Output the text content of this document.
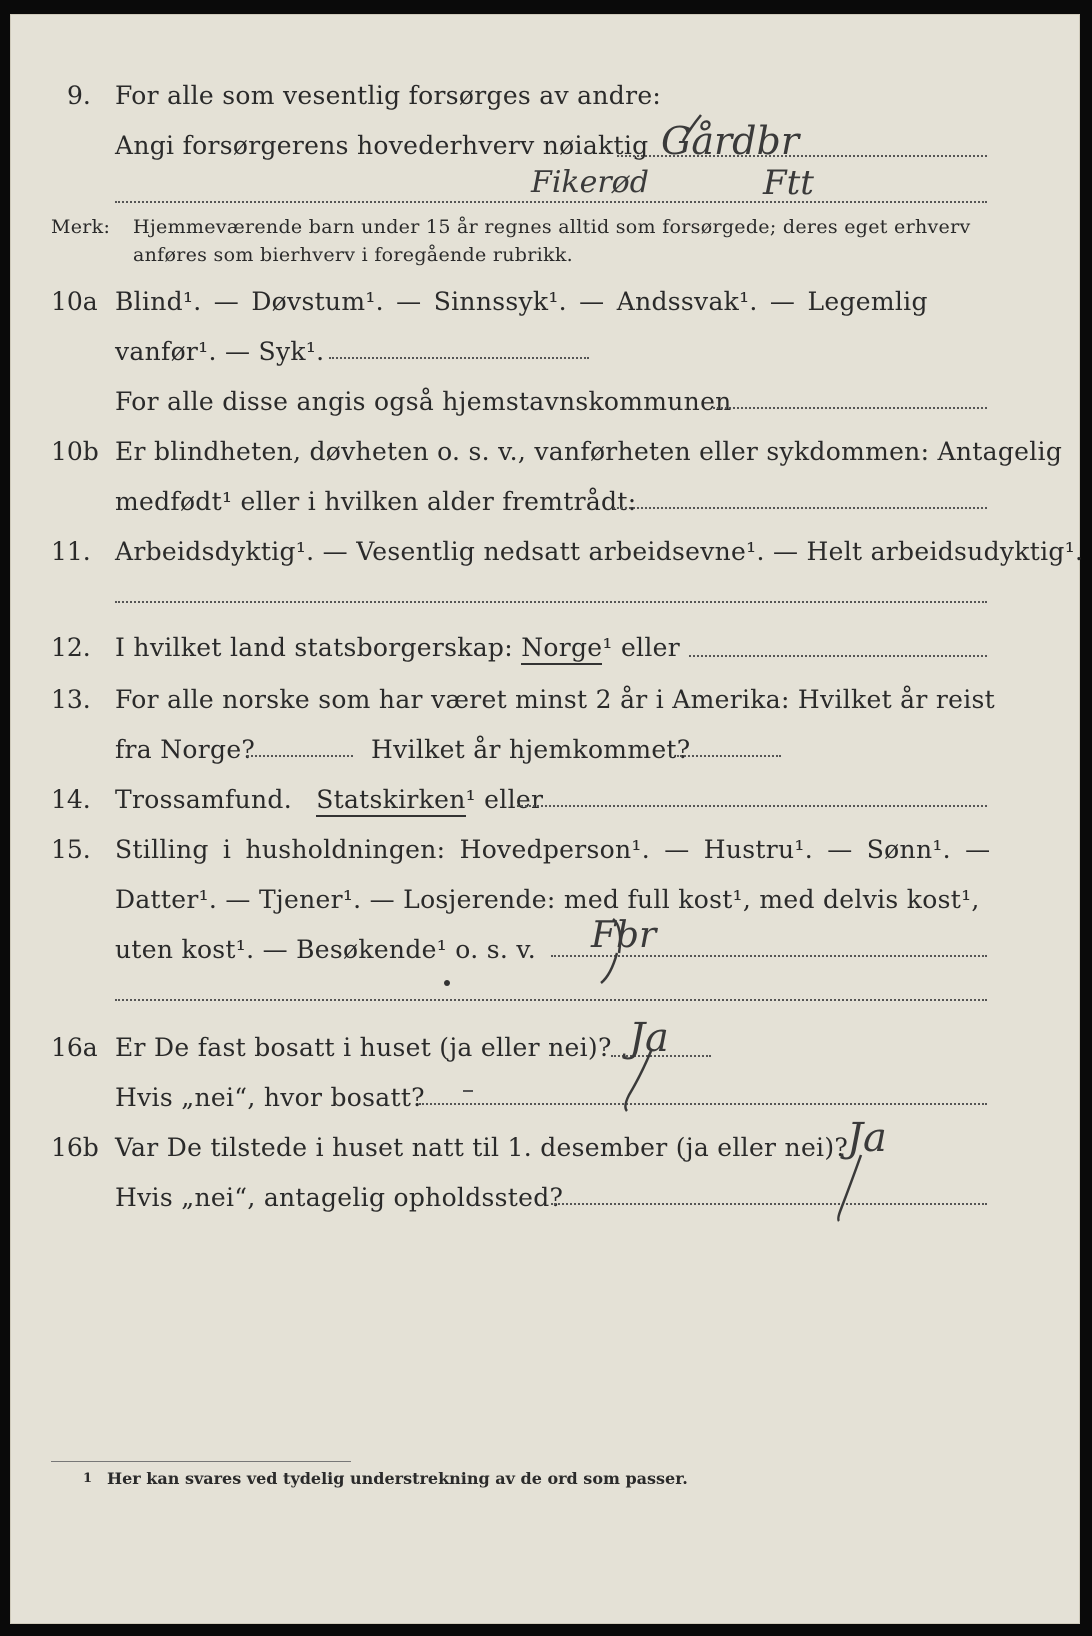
9. For alle som vesentlig forsørges av andre:
Angi forsørgerens hovederhverv nøiaktig Gårdbr
Fikerød	Ftt
Merk: Hjemmeværende barn under 15 år regnes alltid som forsørgede; deres eget erhverv
anføres som bierhverv i foregående rubrikk.
10a Blind¹. — Døvstum¹. — Sinnssyk¹. — Andssvak¹. — Legemlig
vanfør¹. — Syk¹.
For alle disse angis også hjemstavnskommunen
10b Er blindheten, døvheten o. s. v., vanførheten eller sykdommen: Antagelig
medfødt¹ eller i hvilken alder fremtrådt:
11. Arbeidsdyktig¹. — Vesentlig nedsatt arbeidsevne¹. — Helt arbeidsudyktig¹.
12. I hvilket land statsborgerskap: Norge¹ eller
13. For alle norske som har været minst 2 år i Amerika: Hvilket år reist
fra Norge?	Hvilket år hjemkommet?
14. Trossamfund. Statskirken¹ eller
15. Stilling i husholdningen: Hovedperson¹. — Hustru¹. — Sønn¹. —
Datter¹. — Tjener¹. — Losjerende: med full kost¹, med delvis kost¹,
uten kost¹. — Besøkende¹ o. s. v. Fbr
16a Er De fast bosatt i huset (ja eller nei)? Ja
Hvis „nei“, hvor bosatt?
16b Var De tilstede i huset natt til 1. desember (ja eller nei)?
Ja
Hvis „nei“, antagelig opholdssted?
1 Her kan svares ved tydelig understrekning av de ord som passer.
